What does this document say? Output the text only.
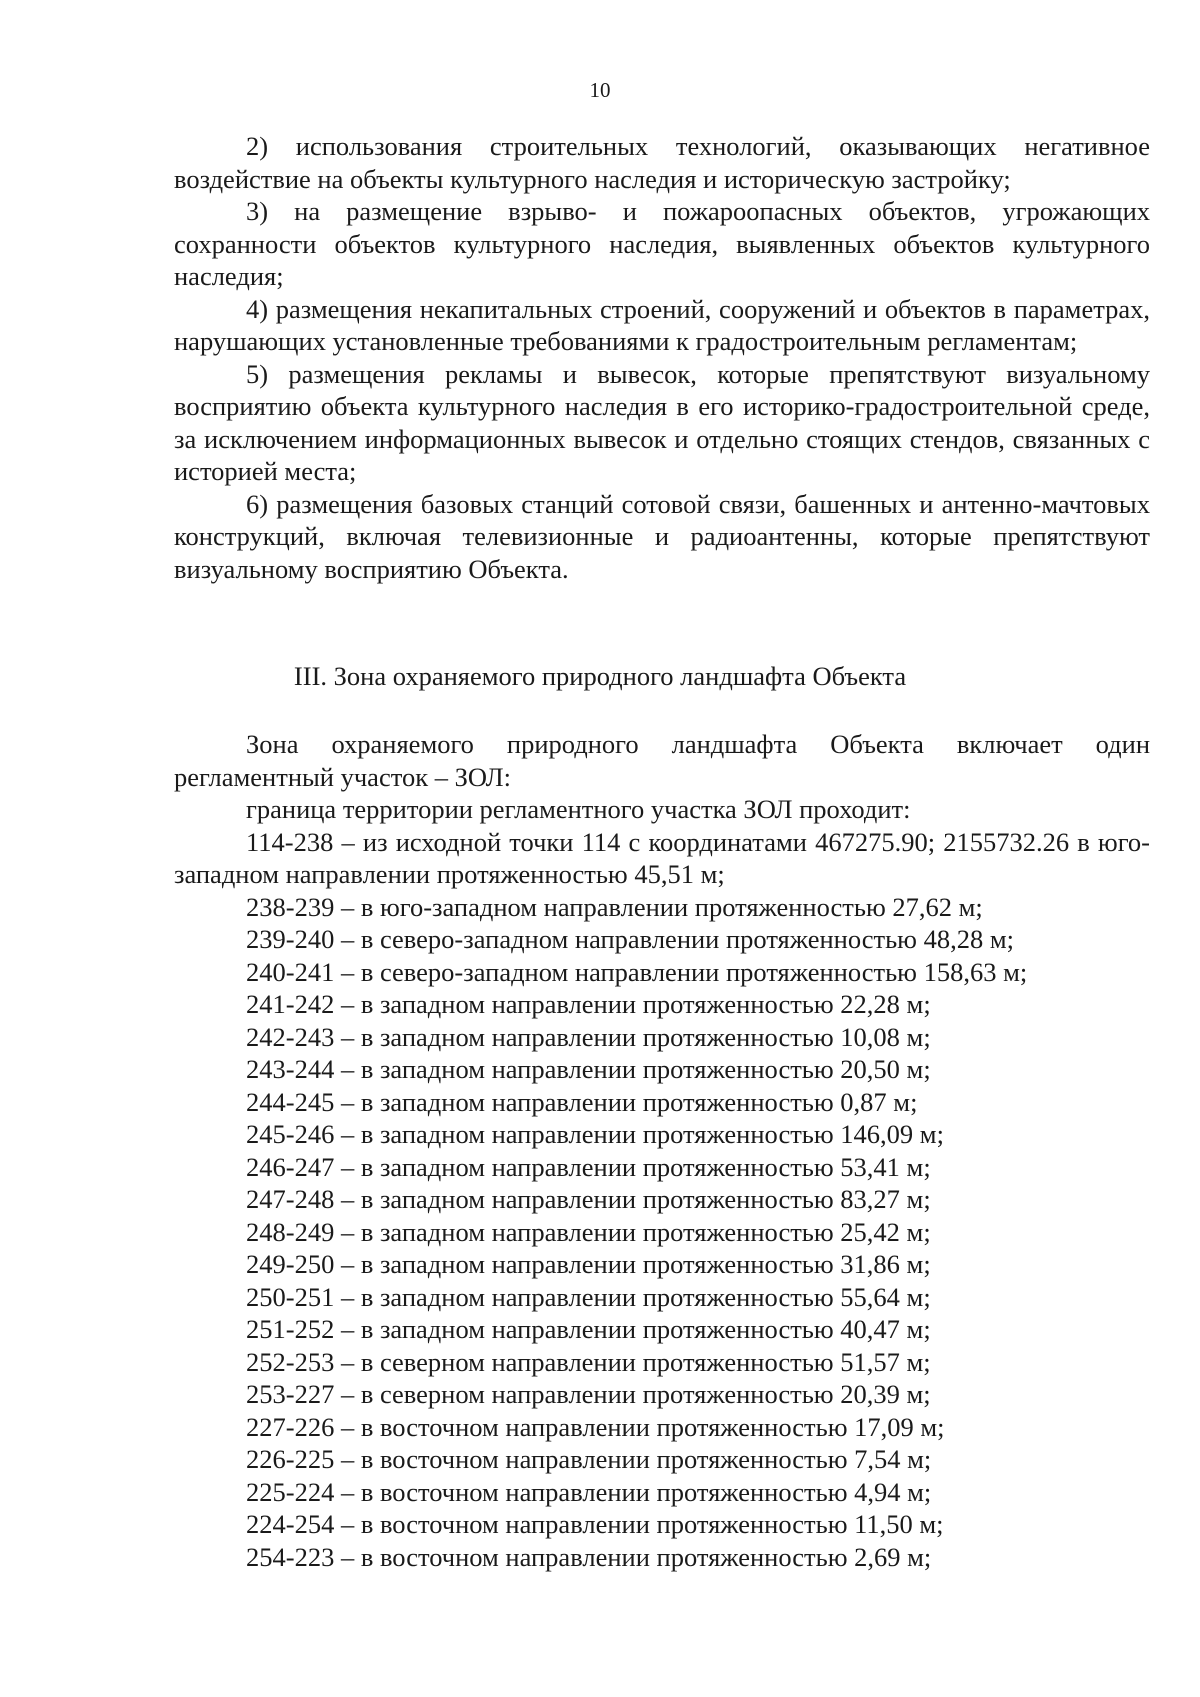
10

2) использования строительных технологий, оказывающих негативное воздействие на объекты культурного наследия и историческую застройку;

3) на размещение взрыво- и пожароопасных объектов, угрожающих сохранности объектов культурного наследия, выявленных объектов культурного наследия;

4) размещения некапитальных строений, сооружений и объектов в параметрах, нарушающих установленные требованиями к градостроительным регламентам;

5) размещения рекламы и вывесок, которые препятствуют визуальному восприятию объекта культурного наследия в его историко-градостроительной среде, за исключением информационных вывесок и отдельно стоящих стендов, связанных с историей места;

6) размещения базовых станций сотовой связи, башенных и антенно-мачтовых конструкций, включая телевизионные и радиоантенны, которые препятствуют визуальному восприятию Объекта.

III. Зона охраняемого природного ландшафта Объекта

Зона охраняемого природного ландшафта Объекта включает один регламентный участок – ЗОЛ:

граница территории регламентного участка ЗОЛ проходит:

114-238 – из исходной точки 114 с координатами 467275.90; 2155732.26 в юго-западном направлении протяженностью 45,51 м;

238-239 – в юго-западном направлении протяженностью 27,62 м;

239-240 – в северо-западном направлении протяженностью 48,28 м;

240-241 – в северо-западном направлении протяженностью 158,63 м;

241-242 – в западном направлении протяженностью 22,28 м;

242-243 – в западном направлении протяженностью 10,08 м;

243-244 – в западном направлении протяженностью 20,50 м;

244-245 – в западном направлении протяженностью 0,87 м;

245-246 – в западном направлении протяженностью 146,09 м;

246-247 – в западном направлении протяженностью 53,41 м;

247-248 – в западном направлении протяженностью 83,27 м;

248-249 – в западном направлении протяженностью 25,42 м;

249-250 – в западном направлении протяженностью 31,86 м;

250-251 – в западном направлении протяженностью 55,64 м;

251-252 – в западном направлении протяженностью 40,47 м;

252-253 – в северном направлении протяженностью 51,57 м;

253-227 – в северном направлении протяженностью 20,39 м;

227-226 – в восточном направлении протяженностью 17,09 м;

226-225 – в восточном направлении протяженностью 7,54 м;

225-224 – в восточном направлении протяженностью 4,94 м;

224-254 – в восточном направлении протяженностью 11,50 м;

254-223 – в восточном направлении протяженностью 2,69 м;
